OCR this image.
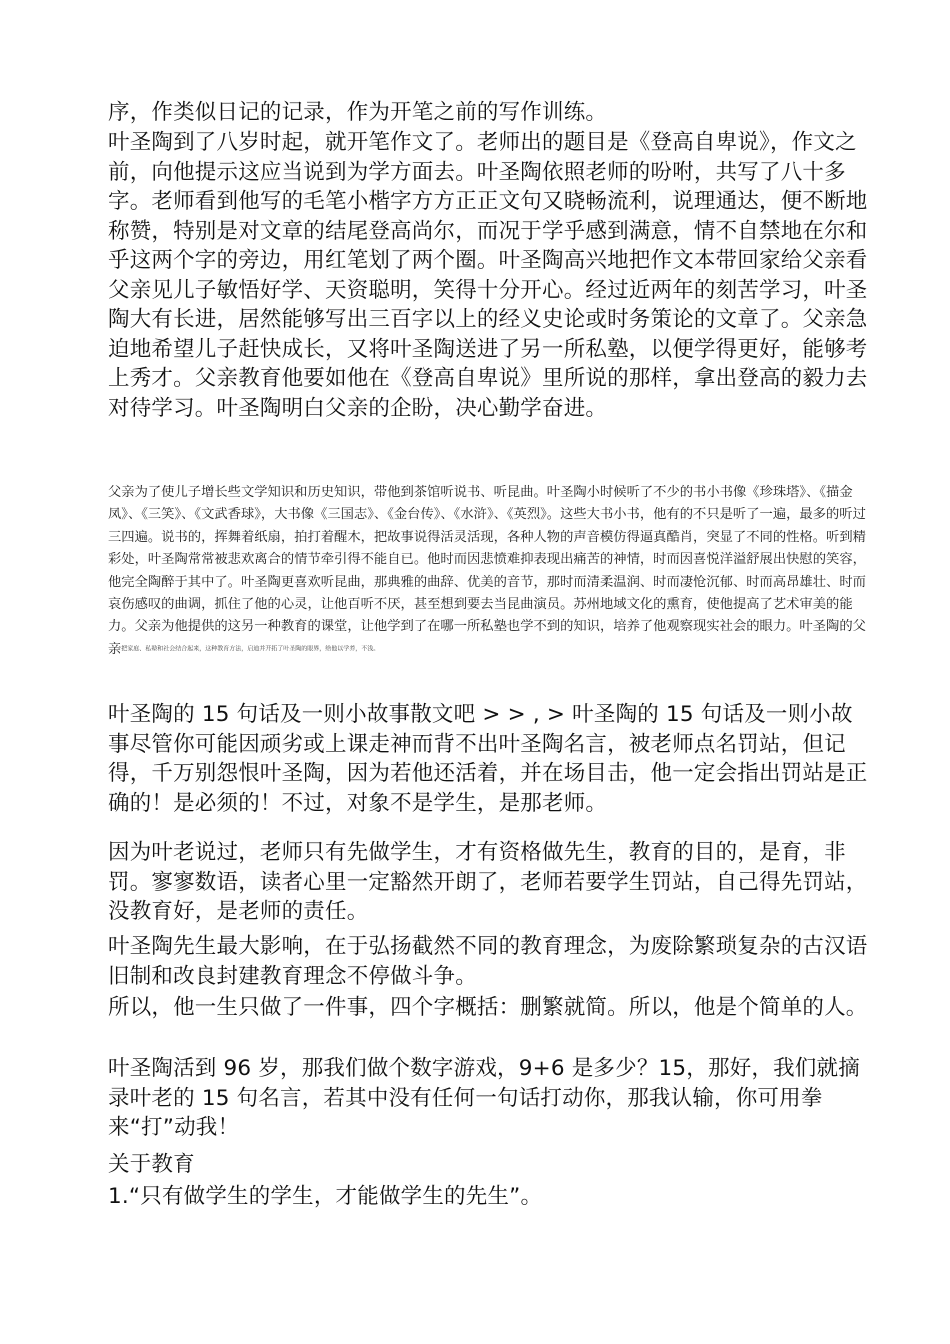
序，作类似日记的记录，作为开笔之前的写作训练。

叶圣陶到了八岁时起，就开笔作文了。老师出的题目是《登高自卑说》，作文之前，向他提示这应当说到为学方面去。叶圣陶依照老师的吩咐，共写了八十多字。老师看到他写的毛笔小楷字方方正正文句又晓畅流利，说理通达，便不断地称赞，特别是对文章的结尾登高尚尔，而况于学乎感到满意，情不自禁地在尔和乎这两个字的旁边，用红笔划了两个圈。叶圣陶高兴地把作文本带回家给父亲看父亲见儿子敏悟好学、天资聪明，笑得十分开心。经过近两年的刻苦学习，叶圣陶大有长进，居然能够写出三百字以上的经义史论或时务策论的文章了。父亲急迫地希望儿子赶快成长，又将叶圣陶送进了另一所私塾，以便学得更好，能够考上秀才。父亲教育他要如他在《登高自卑说》里所说的那样，拿出登高的毅力去对待学习。叶圣陶明白父亲的企盼，决心勤学奋进。

父亲为了使儿子增长些文学知识和历史知识，带他到茶馆听说书、听昆曲。叶圣陶小时候听了不少的书小书像《珍珠塔》、《描金凤》、《三笑》、《文武香球》，大书像《三国志》、《金台传》、《水浒》、《英烈》。这些大书小书，他有的不只是听了一遍，最多的听过三四遍。说书的，挥舞着纸扇，拍打着醒木，把故事说得活灵活现，各种人物的声音模仿得逼真酷肖，突显了不同的性格。听到精彩处，叶圣陶常常被悲欢离合的情节牵引得不能自已。他时而因悲愤难抑表现出痛苦的神情，时而因喜悦洋溢舒展出快慰的笑容，他完全陶醉于其中了。叶圣陶更喜欢听昆曲，那典雅的曲辞、优美的音节，那时而清柔温润、时而凄怆沉郁、时而高昂雄壮、时而哀伤感叹的曲调，抓住了他的心灵，让他百听不厌，甚至想到要去当昆曲演员。苏州地域文化的熏育，使他提高了艺术审美的能力。父亲为他提供的这另一种教育的课堂，让他学到了在哪一所私塾也学不到的知识，培养了他观察现实社会的眼力。叶圣陶的父亲把家庭、私塾和社会结合起来，这种教育方法，启迪并开拓了叶圣陶的眼界，给他以学养，不浅。

叶圣陶的 15 句话及一则小故事散文吧 > > , > 叶圣陶的 15 句话及一则小故事尽管你可能因顽劣或上课走神而背不出叶圣陶名言，被老师点名罚站，但记得，千万别怨恨叶圣陶，因为若他还活着，并在场目击，他一定会指出罚站是正确的！是必须的！不过，对象不是学生，是那老师。

因为叶老说过，老师只有先做学生，才有资格做先生，教育的目的，是育，非罚。寥寥数语，读者心里一定豁然开朗了，老师若要学生罚站，自己得先罚站，没教育好，是老师的责任。

叶圣陶先生最大影响，在于弘扬截然不同的教育理念，为废除繁琐复杂的古汉语旧制和改良封建教育理念不停做斗争。

所以，他一生只做了一件事，四个字概括：删繁就简。所以，他是个简单的人。

叶圣陶活到 96 岁，那我们做个数字游戏，9+6 是多少？15，那好，我们就摘录叶老的 15 句名言，若其中没有任何一句话打动你，那我认输，你可用拳来“打”动我！

关于教育

1.“只有做学生的学生，才能做学生的先生”。
